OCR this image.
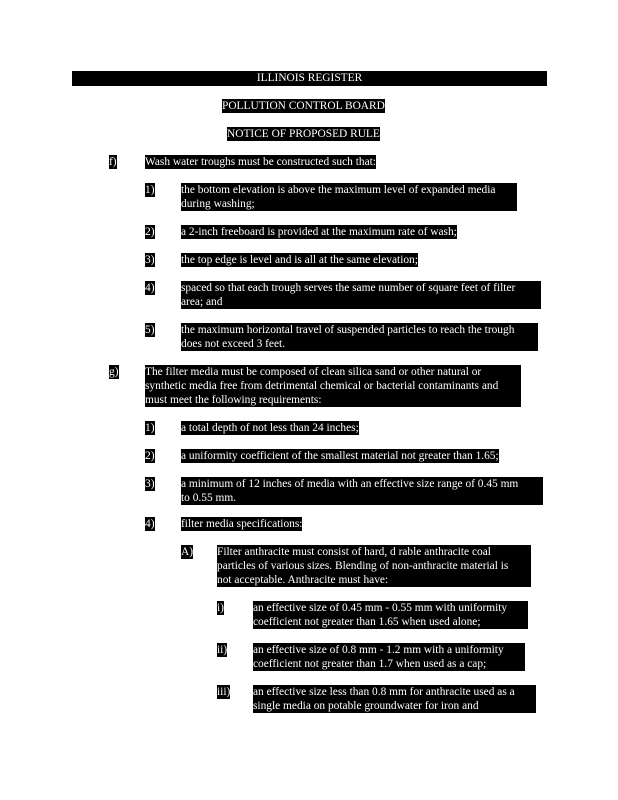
ILLINOIS REGISTER
POLLUTION CONTROL BOARD
NOTICE OF PROPOSED RULE
f) Wash water troughs must be constructed such that:
1) the bottom elevation is above the maximum level of expanded media
during washing;
2) a 2-inch freeboard is provided at the maximum rate of wash;
3) the top edge is level and is all at the same elevation;
4) spaced so that each trough serves the same number of square feet of filter
area; and
5) the maximum horizontal travel of suspended particles to reach the trough
does not exceed 3 feet.
g) The filter media must be composed of clean silica sand or other natural or
synthetic media free from detrimental chemical or bacterial contaminants and
must meet the following requirements:
1) a total depth of not less than 24 inches;
2) a uniformity coefficient of the smallest material not greater than 1.65;
3) a minimum of 12 inches of media with an effective size range of 0.45 mm
to 0.55 mm.
4) filter media specifications:
A) Filter anthracite must consist of hard, d rable anthracite coal
particles of various sizes. Blending of non-anthracite material is
not acceptable. Anthracite must have:
i)	an effective size of 0.45 mm - 0.55 mm with uniformity
coefficient not greater than 1.65 when used alone;
ii) an effective size of 0.8 mm - 1.2 mm with a uniformity
coefficient not greater than 1.7 when used as a cap;
iii) an effective size less than 0.8 mm for anthracite used as a
single media on potable groundwater for iron and
